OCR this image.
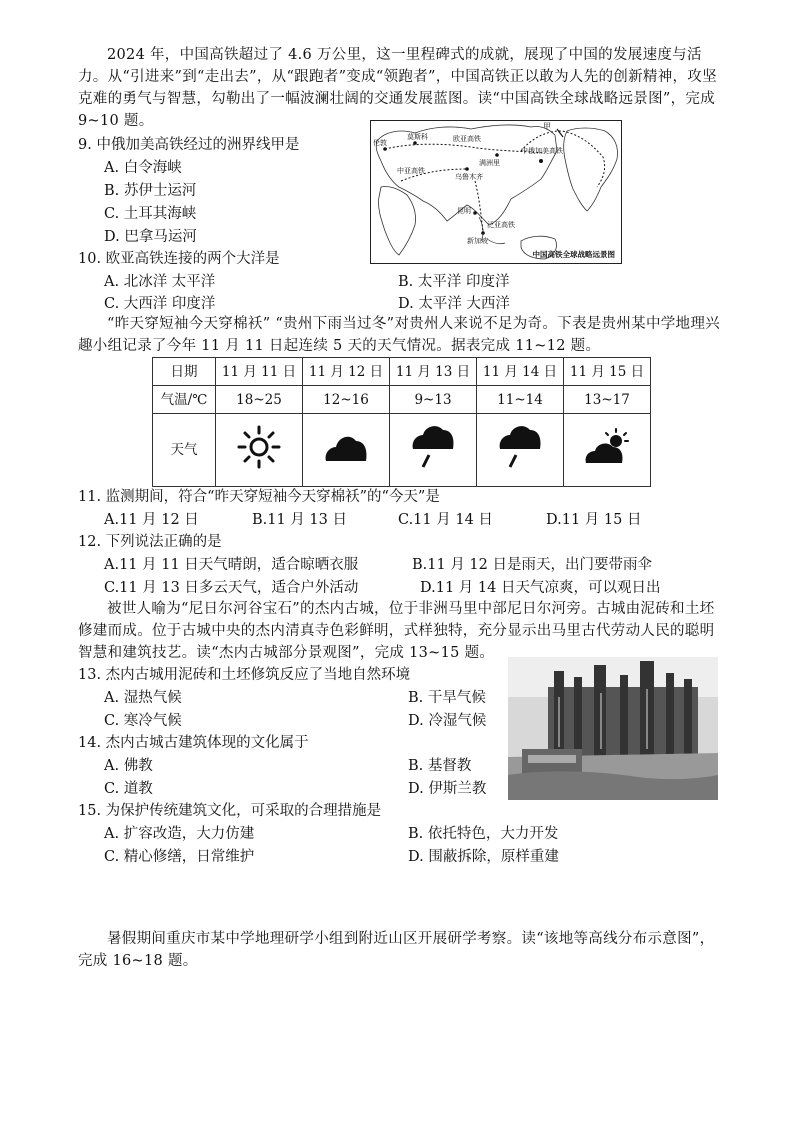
2024 年，中国高铁超过了 4.6 万公里，这一里程碑式的成就，展现了中国的发展速度与活力。从“引进来”到“走出去”，从“跟跑者”变成“领跑者”，中国高铁正以敢为人先的创新精神，攻坚克难的勇气与智慧，勾勒出了一幅波澜壮阔的交通发展蓝图。读“中国高铁全球战略远景图”，完成 9~10 题。
伦敦
莫斯科	欧亚高铁
中亚高铁
乌鲁木齐
满洲里
甲
中俄加美高铁
昆明
泛亚高铁
新加坡
中国高铁全球战略远景图
9. 中俄加美高铁经过的洲界线甲是
A. 白令海峡
B. 苏伊士运河
C. 土耳其海峡
D. 巴拿马运河
10. 欧亚高铁连接的两个大洋是
A. 北冰洋 太平洋	B. 太平洋 印度洋
C. 大西洋 印度洋	D. 太平洋 大西洋
“昨天穿短袖今天穿棉袄” “贵州下雨当过冬”对贵州人来说不足为奇。下表是贵州某中学地理兴趣小组记录了今年 11 月 11 日起连续 5 天的天气情况。据表完成 11~12 题。
日期	11 月 11 日	11 月 12 日	11 月 13 日	11 月 14 日	11 月 15 日
气温/℃	18~25	12~16	9~13	11~14	13~17
天气					
11. 监测期间，符合“昨天穿短袖今天穿棉袄”的“今天”是
A.11 月 12 日	B.11 月 13 日	C.11 月 14 日	D.11 月 15 日
12. 下列说法正确的是
A.11 月 11 日天气晴朗，适合晾晒衣服	B.11 月 12 日是雨天，出门要带雨伞
C.11 月 13 日多云天气，适合户外活动	D.11 月 14 日天气凉爽，可以观日出
被世人喻为“尼日尔河谷宝石”的杰内古城，位于非洲马里中部尼日尔河旁。古城由泥砖和土坯修建而成。位于古城中央的杰内清真寺色彩鲜明，式样独特，充分显示出马里古代劳动人民的聪明智慧和建筑技艺。读“杰内古城部分景观图”，完成 13~15 题。
13. 杰内古城用泥砖和土坯修筑反应了当地自然环境
A. 湿热气候	B. 干旱气候
C. 寒冷气候	D. 冷湿气候
14. 杰内古城古建筑体现的文化属于
A. 佛教	B. 基督教
C. 道教	D. 伊斯兰教
15. 为保护传统建筑文化，可采取的合理措施是
A. 扩容改造，大力仿建	B. 依托特色，大力开发
C. 精心修缮，日常维护	D. 围蔽拆除，原样重建
暑假期间重庆市某中学地理研学小组到附近山区开展研学考察。读“该地等高线分布示意图”，完成 16~18 题。
